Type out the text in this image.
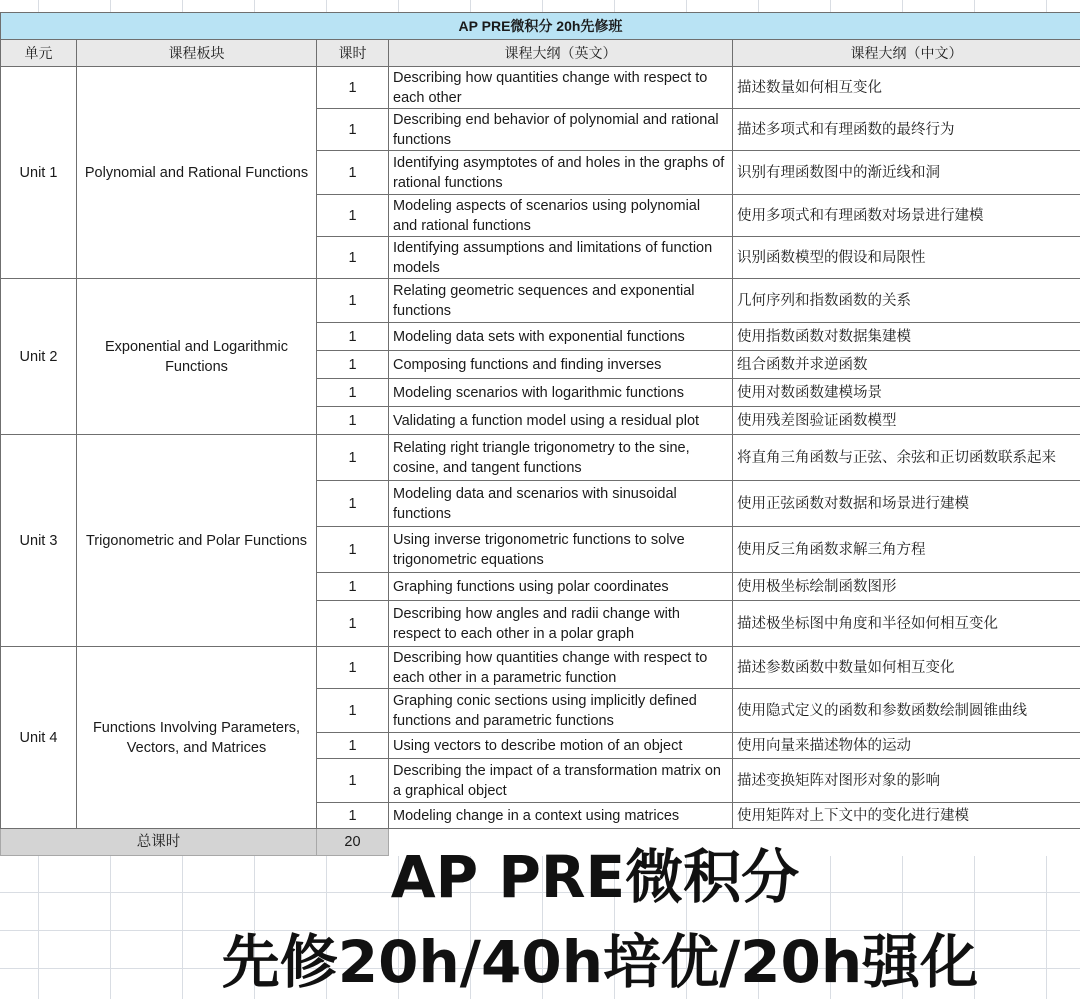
AP PRE微积分 20h先修班				
单元	课程板块	课时	课程大纲（英文）	课程大纲（中文）
Unit 1	Polynomial and Rational Functions	1	Describing how quantities change with respect to each other	描述数量如何相互变化
		1	Describing end behavior of polynomial and rational functions	描述多项式和有理函数的最终行为
		1	Identifying asymptotes of and holes in the graphs of rational functions	识别有理函数图中的渐近线和洞
		1	Modeling aspects of scenarios using polynomial and rational functions	使用多项式和有理函数对场景进行建模
		1	Identifying assumptions and limitations of function models	识别函数模型的假设和局限性
Unit 2	Exponential and Logarithmic Functions	1	Relating geometric sequences and exponential functions	几何序列和指数函数的关系
		1	Modeling data sets with exponential functions	使用指数函数对数据集建模
		1	Composing functions and finding inverses	组合函数并求逆函数
		1	Modeling scenarios with logarithmic functions	使用对数函数建模场景
		1	Validating a function model using a residual plot	使用残差图验证函数模型
Unit 3	Trigonometric and Polar Functions	1	Relating right triangle trigonometry to the sine, cosine, and tangent functions	将直角三角函数与正弦、余弦和正切函数联系起来
		1	Modeling data and scenarios with sinusoidal functions	使用正弦函数对数据和场景进行建模
		1	Using inverse trigonometric functions to solve trigonometric equations	使用反三角函数求解三角方程
		1	Graphing functions using polar coordinates	使用极坐标绘制函数图形
		1	Describing how angles and radii change with respect to each other in a polar graph	描述极坐标图中角度和半径如何相互变化
Unit 4	Functions Involving Parameters, Vectors, and Matrices	1	Describing how quantities change with respect to each other in a parametric function	描述参数函数中数量如何相互变化
		1	Graphing conic sections using implicitly defined functions and parametric functions	使用隐式定义的函数和参数函数绘制圆锥曲线
		1	Using vectors to describe motion of an object	使用向量来描述物体的运动
		1	Describing the impact of a transformation matrix on a graphical object	描述变换矩阵对图形对象的影响
		1	Modeling change in a context using matrices	使用矩阵对上下文中的变化进行建模
总课时		20		
AP PRE微积分
先修20h/40h培优/20h强化
